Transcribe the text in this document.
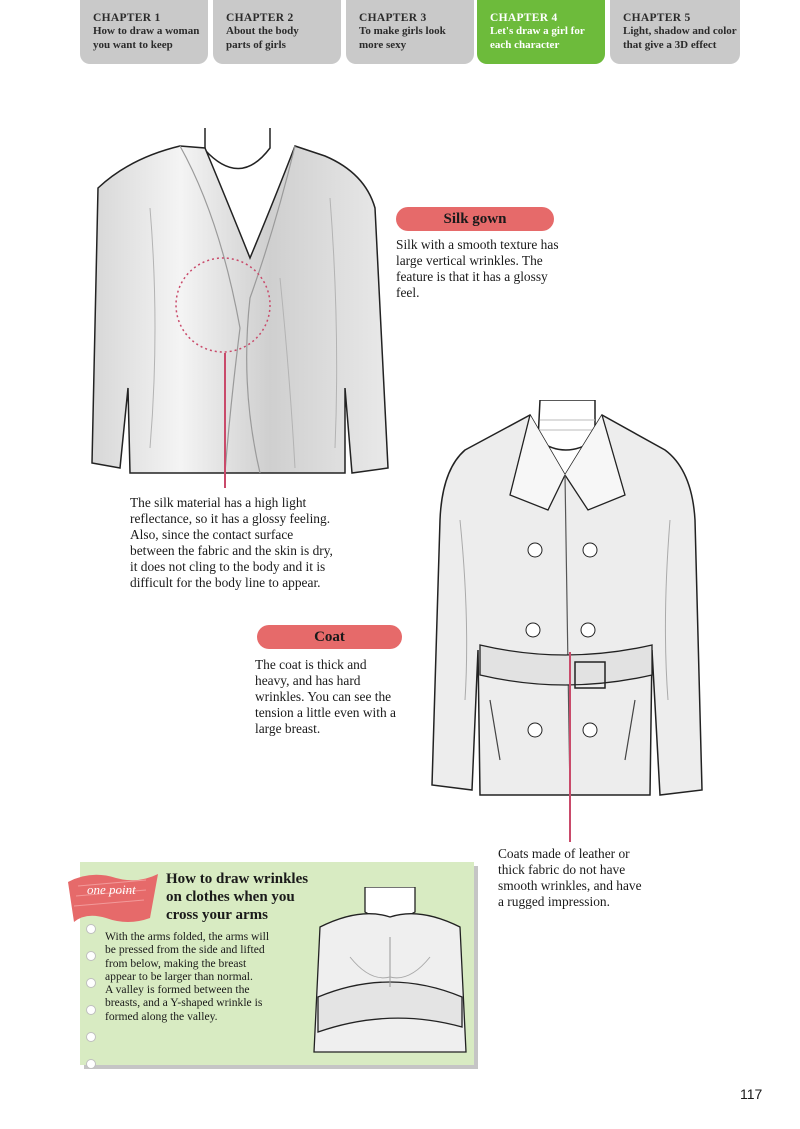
CHAPTER 1
How to draw a woman
you want to keep
CHAPTER 2
About the body
parts of girls
CHAPTER 3
To make girls look
more sexy
CHAPTER 4
Let's draw a girl for
each character
CHAPTER 5
Light, shadow and color
that give a 3D effect
Silk gown
Silk with a smooth texture has
large vertical wrinkles. The
feature is that it has a glossy
feel.
The silk material has a high light
reflectance, so it has a glossy feeling.
Also, since the contact surface
between the fabric and the skin is dry,
it does not cling to the body and it is
difficult for the body line to appear.
Coat
The coat is thick and
heavy, and has hard
wrinkles. You can see the
tension a little even with a
large breast.
Coats made of leather or
thick fabric do not have
smooth wrinkles, and have
a rugged impression.
one point
How to draw wrinkles
on clothes when you
cross your arms
With the arms folded, the arms will
be pressed from the side and lifted
from below, making the breast
appear to be larger than normal.
A valley is formed between the
breasts, and a Y-shaped wrinkle is
formed along the valley.
117
